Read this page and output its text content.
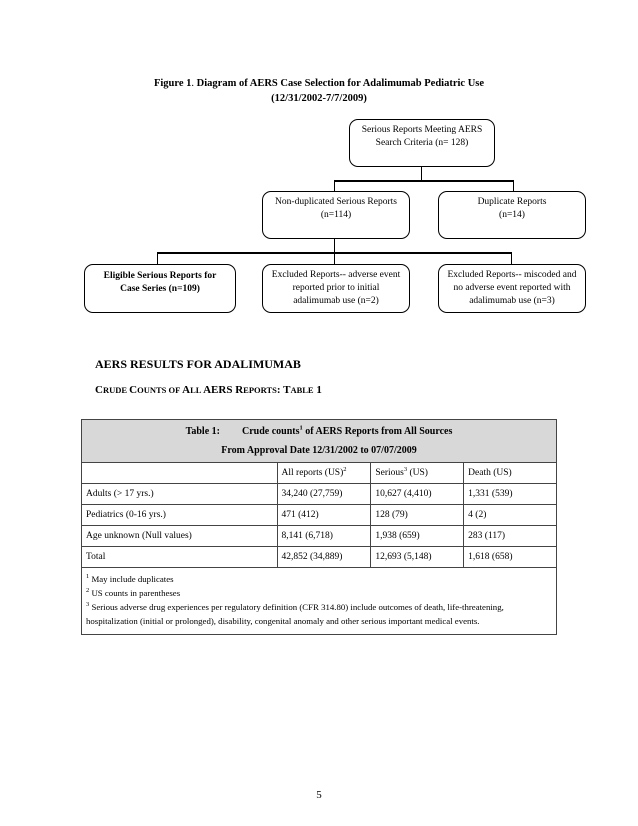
Figure 1. Diagram of AERS Case Selection for Adalimumab Pediatric Use
(12/31/2002-7/7/2009)
Serious Reports Meeting AERS
Search Criteria (n= 128)
Non-duplicated Serious Reports
(n=114)
Duplicate Reports
(n=14)
Eligible Serious Reports for
Case Series (n=109)
Excluded Reports-- adverse event
reported prior to initial
adalimumab use (n=2)
Excluded Reports-- miscoded and
no adverse event reported with
adalimumab use (n=3)
AERS RESULTS FOR ADALIMUMAB
CRUDE COUNTS OF ALL AERS REPORTS: TABLE 1
Table 1: Crude counts$^1$ of AERS Reports from All Sources
From Approval Date 12/31/2002 to 07/07/2009			

	All reports (US)$^2$	Serious$^3$ (US)	Death (US)
Adults (> 17 yrs.)	34,240 (27,759)	10,627 (4,410)	1,331 (539)
Pediatrics (0-16 yrs.)	471 (412)	128 (79)	4 (2)
Age unknown (Null values)	8,141 (6,718)	1,938 (659)	283 (117)
Total	42,852 (34,889)	12,693 (5,148)	1,618 (658)

$^1$ May include duplicates
$^2$ US counts in parentheses
$^3$ Serious adverse drug experiences per regulatory definition (CFR 314.80) include outcomes of death, life-threatening, hospitalization (initial or prolonged), disability, congenital anomaly and other serious important medical events.			
5
